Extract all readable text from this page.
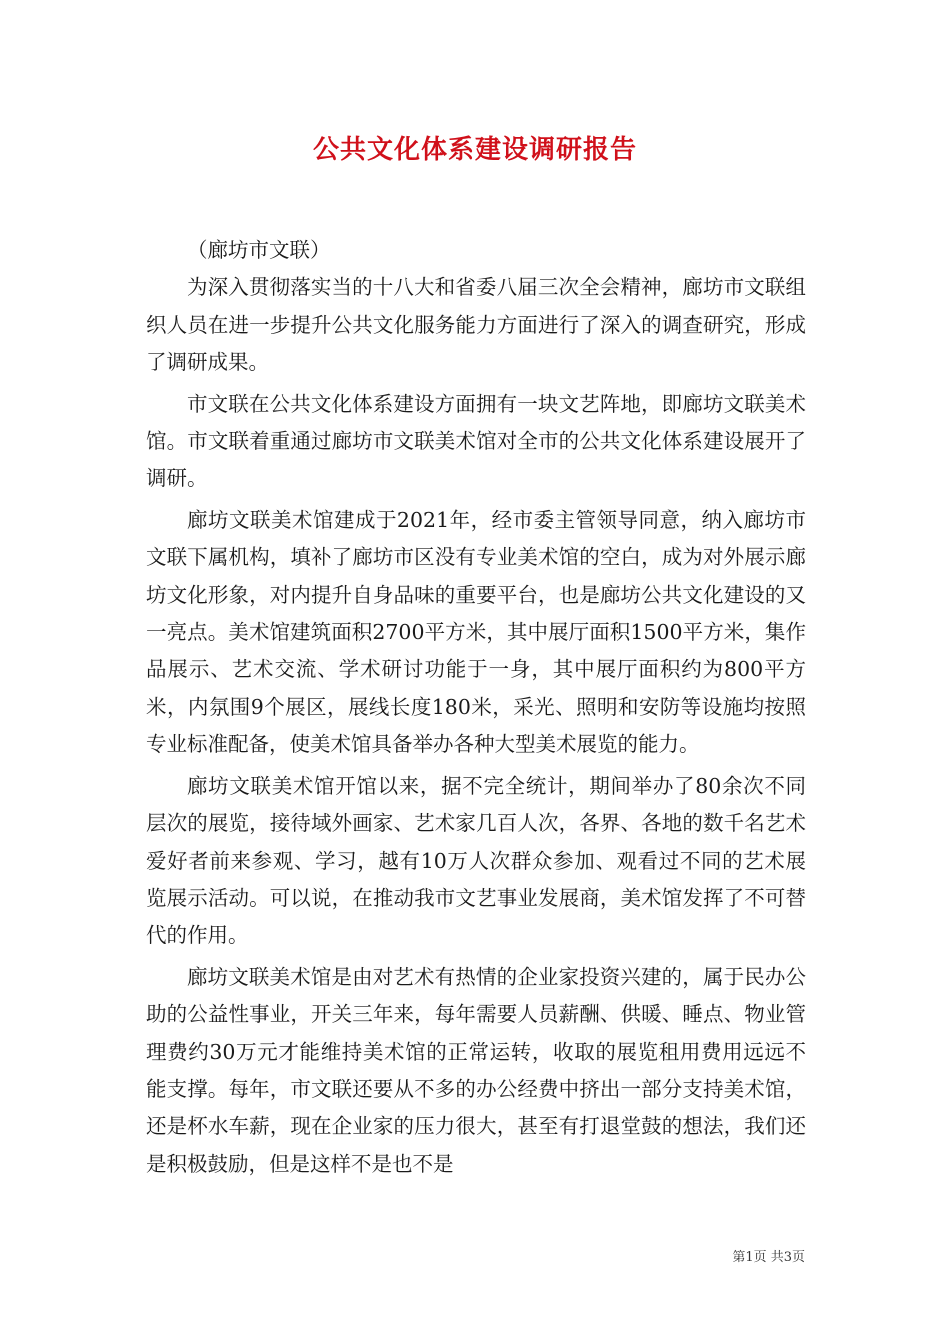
公共文化体系建设调研报告

（廊坊市文联）

为深入贯彻落实当的十八大和省委八届三次全会精神，廊坊市文联组织人员在进一步提升公共文化服务能力方面进行了深入的调查研究，形成了调研成果。

市文联在公共文化体系建设方面拥有一块文艺阵地，即廊坊文联美术馆。市文联着重通过廊坊市文联美术馆对全市的公共文化体系建设展开了调研。

廊坊文联美术馆建成于2021年，经市委主管领导同意，纳入廊坊市文联下属机构，填补了廊坊市区没有专业美术馆的空白，成为对外展示廊坊文化形象，对内提升自身品味的重要平台，也是廊坊公共文化建设的又一亮点。美术馆建筑面积2700平方米，其中展厅面积1500平方米，集作品展示、艺术交流、学术研讨功能于一身，其中展厅面积约为800平方米，内氛围9个展区，展线长度180米，采光、照明和安防等设施均按照专业标准配备，使美术馆具备举办各种大型美术展览的能力。

廊坊文联美术馆开馆以来，据不完全统计，期间举办了80余次不同层次的展览，接待域外画家、艺术家几百人次，各界、各地的数千名艺术爱好者前来参观、学习，越有10万人次群众参加、观看过不同的艺术展览展示活动。可以说，在推动我市文艺事业发展商，美术馆发挥了不可替代的作用。

廊坊文联美术馆是由对艺术有热情的企业家投资兴建的，属于民办公助的公益性事业，开关三年来，每年需要人员薪酬、供暖、睡点、物业管理费约30万元才能维持美术馆的正常运转，收取的展览租用费用远远不能支撑。每年，市文联还要从不多的办公经费中挤出一部分支持美术馆，还是杯水车薪，现在企业家的压力很大，甚至有打退堂鼓的想法，我们还是积极鼓励，但是这样不是也不是

第1页 共3页
